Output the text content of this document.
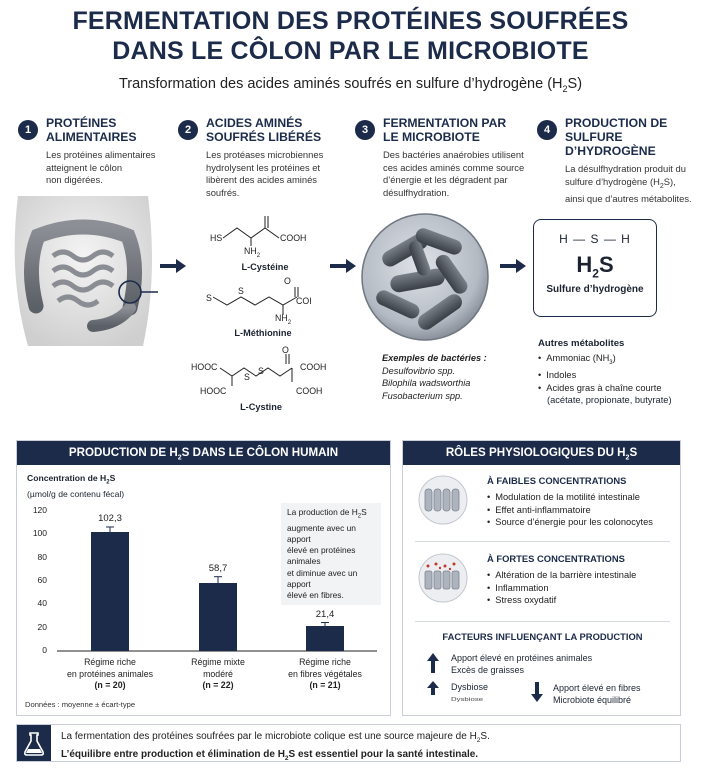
FERMENTATION DES PROTÉINES SOUFRÉES
DANS LE CÔLON PAR LE MICROBIOTE
Transformation des acides aminés soufrés en sulfure d’hydrogène $(H_2S)$
1	PROTÉINES
ALIMENTAIRES
Les protéines alimentaires
atteignent le côlon
non digérées.
2	ACIDES AMINÉS
SOUFRÉS LIBÉRÉS
Les protéases microbiennes
hydrolysent les protéines et
libèrent des acides aminés
soufrés.
3	FERMENTATION PAR
LE MICROBIOTE
Des bactéries anaérobies utilisent
ces acides aminés comme source
d’énergie et les dégradent par
désulfhydration.
4	PRODUCTION DE
SULFURE D’HYDROGÈNE
La désulfhydration produit du
sulfure d’hydrogène $(H_2S)$,
ainsi que d’autres métabolites.
HS	COOH
$NH_2$
L-Cystéine
S
S
O
COI
$NH_2$
L-Méthionine
HOOC
HOOC
S
S
O
COOH
COOH
L-Cystine
Exemples de bactéries :
Desulfovibrio spp.
Bilophila wadsworthia
Fusobacterium spp.
H — S — H
$H_2S$
Sulfure d’hydrogène
Autres métabolites
• Ammoniac $(NH_3)$
• Indoles
• Acides gras à chaîne courte
(acétate, propionate, butyrate)
PRODUCTION DE $H_2S$ DANS LE CÔLON HUMAIN
Concentration de $H_2S$
(µmol/g de contenu fécal)
0
20
40
60
80
100
120
102,3
Régime riche
en protéines animales
(n = 20)
58,7
Régime mixte
modéré
(n = 22)
21,4
Régime riche
en fibres végétales
(n = 21)
La production de $H_2S$
augmente avec un apport
élevé en protéines animales
et diminue avec un apport
élevé en fibres.
Données : moyenne ± écart-type
RÔLES PHYSIOLOGIQUES DU $H_2S$
À FAIBLES CONCENTRATIONS
• Modulation de la motilité intestinale
• Effet anti-inflammatoire
• Source d’énergie pour les colonocytes
À FORTES CONCENTRATIONS
• Altération de la barrière intestinale
• Inflammation
• Stress oxydatif
FACTEURS INFLUENÇANT LA PRODUCTION
Apport élevé en protéines animales
Excès de graisses
Dysbiose
Dysbiose
Apport élevé en fibres
Microbiote équilibré
La fermentation des protéines soufrées par le microbiote colique est une source majeure de $H_2S$.
L’équilibre entre production et élimination de $H_2S$ est essentiel pour la santé intestinale.
